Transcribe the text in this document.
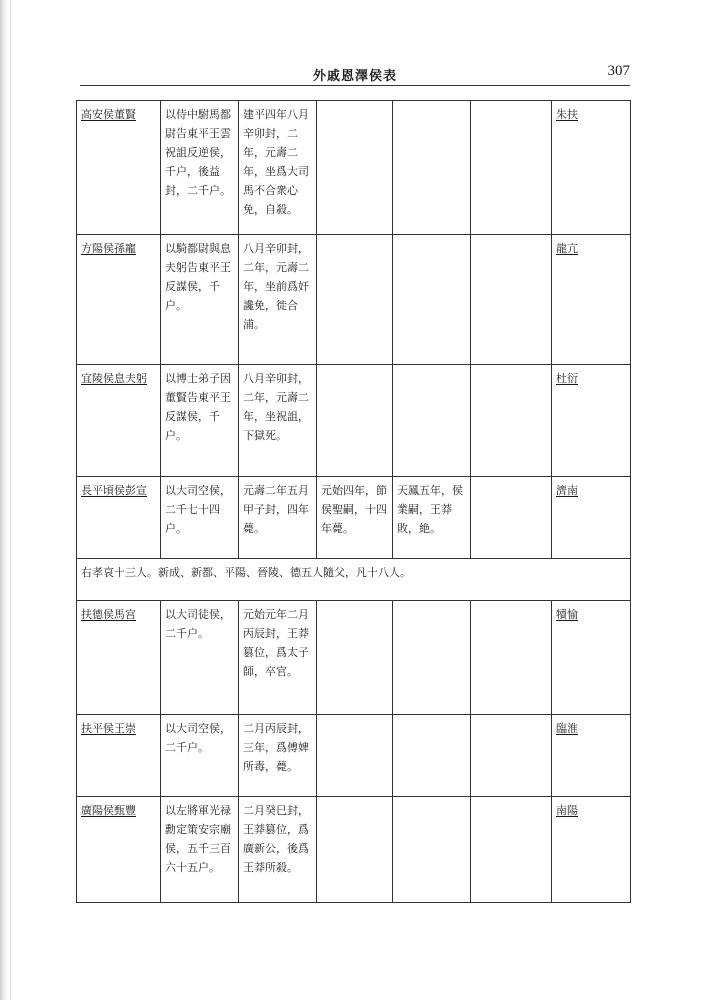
外戚恩澤侯表	307
高安侯董賢	以侍中駙馬都尉告東平王雲祝詛反逆侯，千户，後益封，二千户。	建平四年八月辛卯封，二年，元壽二年，坐爲大司馬不合衆心免，自殺。				朱扶
方陽侯孫寵	以騎都尉與息夫躬告東平王反謀侯，千户。	八月辛卯封，二年，元壽二年，坐前爲奸讒免，徙合浦。				龍亢
宜陵侯息夫躬	以博士弟子因董賢告東平王反謀侯，千户。	八月辛卯封，二年，元壽二年，坐祝詛，下獄死。				杜衍
長平頃侯彭宣	以大司空侯，二千七十四户。	元壽二年五月甲子封，四年薨。	元始四年，節侯聖嗣，十四年薨。	天鳳五年，侯業嗣，王莽敗，絶。		濟南
右孝哀十三人。新成、新都、平陽、晉陵、德五人隨父，凡十八人。						
扶德侯馬宫	以大司徒侯，二千户。	元始元年二月丙辰封，王莽篡位，爲太子師，卒官。				犢愉
扶平侯王崇	以大司空侯，二千户。	二月丙辰封，三年，爲傅婢所毒，薨。				臨淮
廣陽侯甄豐	以左將軍光禄勳定策安宗廟侯，五千三百六十五户。	二月癸巳封，王莽篡位，爲廣新公，後爲王莽所殺。				南陽
